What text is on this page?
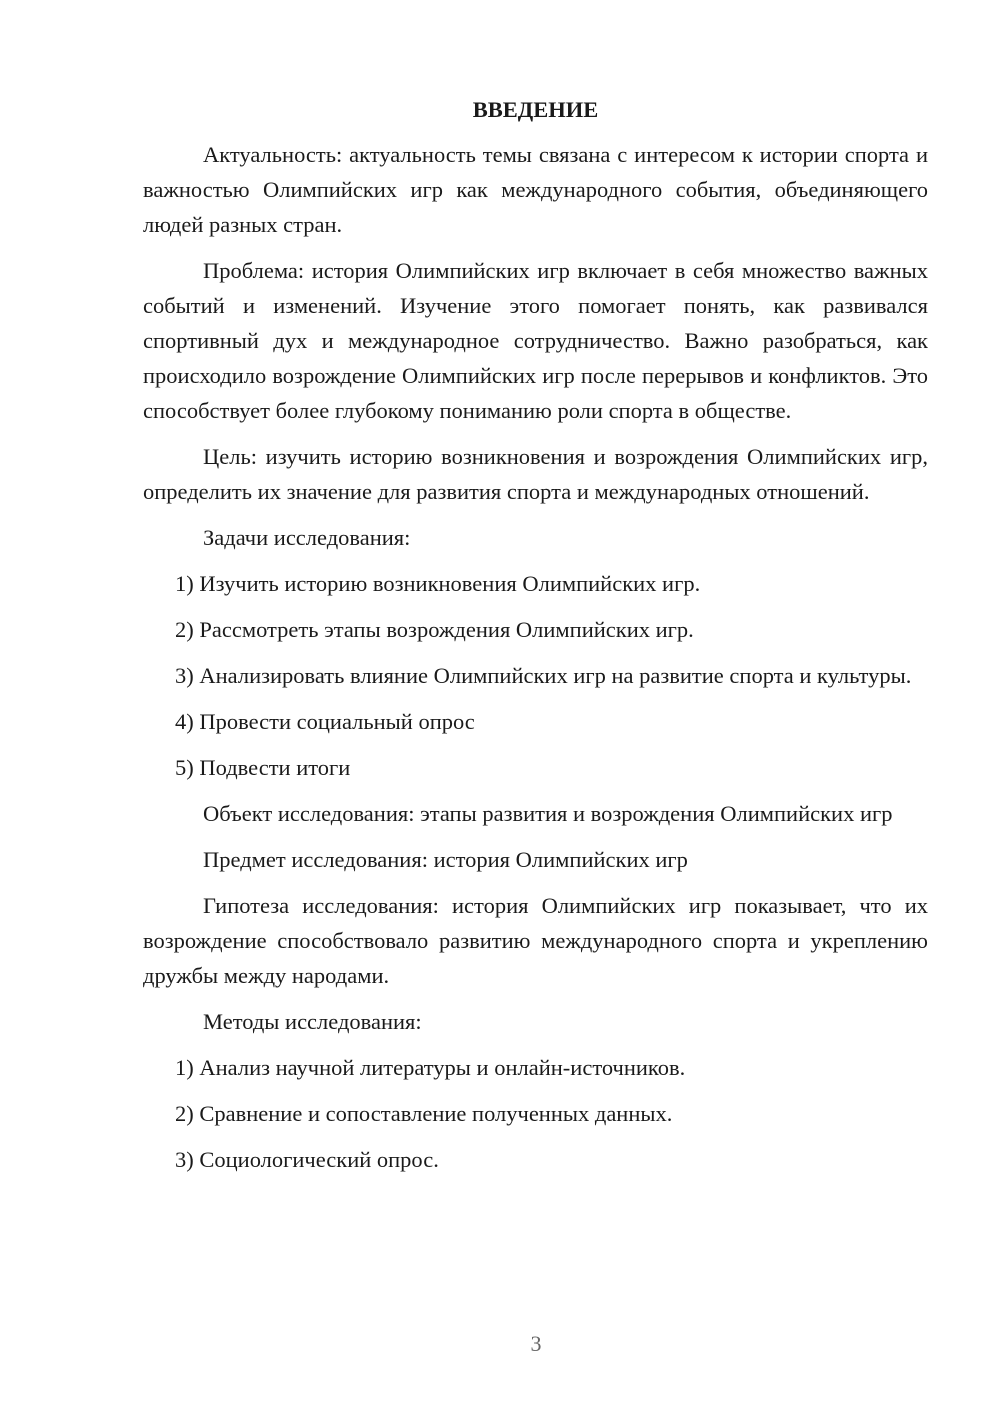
ВВЕДЕНИЕ

Актуальность: актуальность темы связана с интересом к истории спорта и важностью Олимпийских игр как международного события, объединяющего людей разных стран.

Проблема: история Олимпийских игр включает в себя множество важных событий и изменений. Изучение этого помогает понять, как развивался спортивный дух и международное сотрудничество. Важно разобраться, как происходило возрождение Олимпийских игр после перерывов и конфликтов. Это способствует более глубокому пониманию роли спорта в обществе.

Цель: изучить историю возникновения и возрождения Олимпийских игр, определить их значение для развития спорта и международных отношений.

Задачи исследования:

1) Изучить историю возникновения Олимпийских игр.

2) Рассмотреть этапы возрождения Олимпийских игр.

3) Анализировать влияние Олимпийских игр на развитие спорта и культуры.

4) Провести социальный опрос

5) Подвести итоги

Объект исследования: этапы развития и возрождения Олимпийских игр

Предмет исследования: история Олимпийских игр

Гипотеза исследования: история Олимпийских игр показывает, что их возрождение способствовало развитию международного спорта и укреплению дружбы между народами.

Методы исследования:

1) Анализ научной литературы и онлайн-источников.

2) Сравнение и сопоставление полученных данных.

3) Социологический опрос.

3
